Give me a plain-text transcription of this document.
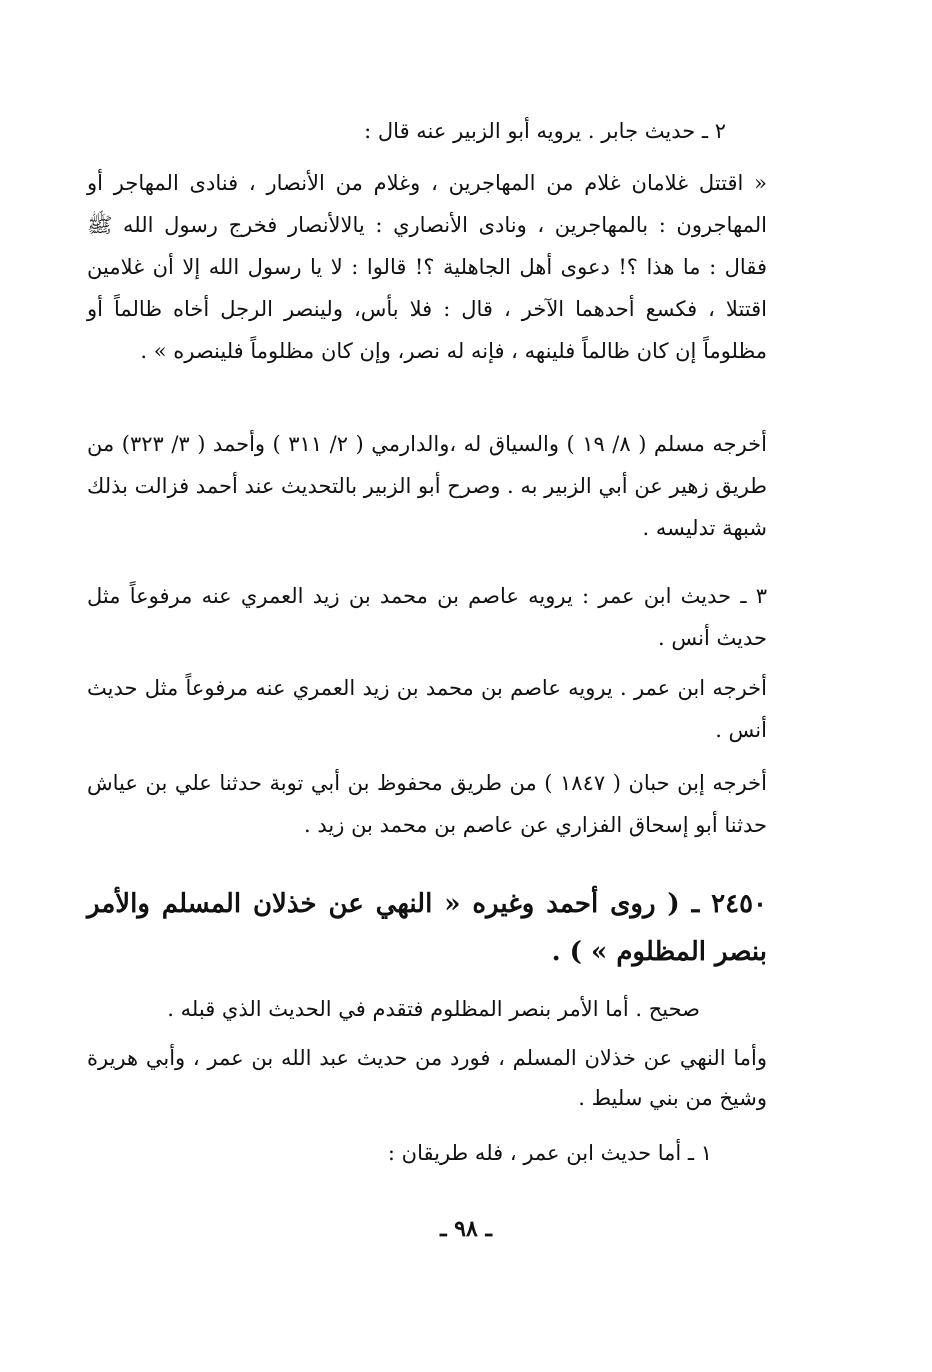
٢ ـ حديث جابر . يرويه أبو الزبير عنه قال :

« اقتتل غلامان غلام من المهاجرين ، وغلام من الأنصار ، فنادى المهاجر أو المهاجرون : بالمهاجرين ، ونادى الأنصاري : يالالأنصار فخرج رسول الله ﷺ فقال : ما هذا ؟! دعوى أهل الجاهلية ؟! قالوا : لا يا رسول الله إلا أن غلامين اقتتلا ، فكسع أحدهما الآخر ، قال : فلا بأس، ولينصر الرجل أخاه ظالماً أو مظلوماً إن كان ظالماً فلينهه ، فإنه له نصر، وإن كان مظلوماً فلينصره » .

أخرجه مسلم ( ٨/ ١٩ ) والسياق له ،والدارمي ( ٢/ ٣١١ ) وأحمد ( ٣/ ٣٢٣) من طريق زهير عن أبي الزبير به . وصرح أبو الزبير بالتحديث عند أحمد فزالت بذلك شبهة تدليسه .

٣ ـ حديث ابن عمر : يرويه عاصم بن محمد بن زيد العمري عنه مرفوعاً مثل حديث أنس .

أخرجه ابن عمر . يرويه عاصم بن محمد بن زيد العمري عنه مرفوعاً مثل حديث أنس .

أخرجه إبن حبان ( ١٨٤٧ ) من طريق محفوظ بن أبي توبة حدثنا علي بن عياش حدثنا أبو إسحاق الفزاري عن عاصم بن محمد بن زيد .

٢٤٥٠ ـ ( روى أحمد وغيره « النهي عن خذلان المسلم والأمر بنصر المظلوم » ) .

صحيح . أما الأمر بنصر المظلوم فتقدم في الحديث الذي قبله .

وأما النهي عن خذلان المسلم ، فورد من حديث عبد الله بن عمر ، وأبي هريرة وشيخ من بني سليط .

١ ـ أما حديث ابن عمر ، فله طريقان :

ـ ٩٨ ـ
